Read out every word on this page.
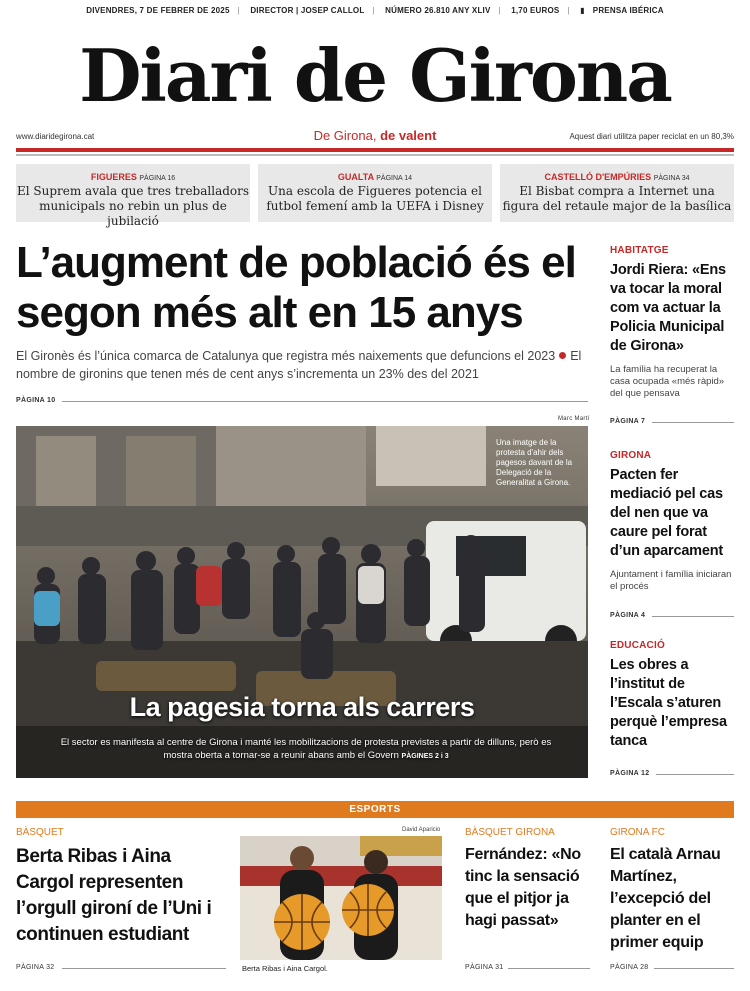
DIVENDRES, 7 DE FEBRER DE 2025 | DIRECTOR | JOSEP CALLOL | NÚMERO 26.810 ANY XLIV | 1,70 EUROS | ▮ PRENSA IBÉRICA
Diari de Girona
www.diaridegirona.cat	De Girona, de valent	Aquest diari utilitza paper reciclat en un 80,3%
FIGUERES PÀGINA 16
El Suprem avala que tres treballadors municipals no rebin un plus de jubilació
GUALTA PÀGINA 14
Una escola de Figueres potencia el futbol femení amb la UEFA i Disney
CASTELLÓ D'EMPÚRIES PÀGINA 34
El Bisbat compra a Internet una figura del retaule major de la basílica
L’augment de població és el segon més alt en 15 anys
El Gironès és l’única comarca de Catalunya que registra més naixements que defuncions el 2023 El nombre de gironins que tenen més de cent anys s’incrementa un 23% des del 2021
PÀGINA 10
Marc Martí
Una imatge de la protesta d'ahir dels pagesos davant de la Delegació de la Generalitat a Girona.
La pagesia torna als carrers
El sector es manifesta al centre de Girona i manté les mobilitzacions de protesta previstes a partir de dilluns, però es mostra oberta a tornar-se a reunir abans amb el Govern PÀGINES 2 i 3
HABITATGE
Jordi Riera: «Ens va tocar la moral com va actuar la Policia Municipal de Girona»
La família ha recuperat la casa ocupada «més ràpid» del que pensava
PÀGINA 7
GIRONA
Pacten fer mediació pel cas del nen que va caure pel forat d’un aparcament
Ajuntament i família iniciaran el procés
PÀGINA 4
EDUCACIÓ
Les obres a l’institut de l’Escala s’aturen perquè l’empresa tanca
PÀGINA 12
ESPORTS
BÀSQUET
Berta Ribas i Aina Cargol representen l’orgull gironí de l’Uni i continuen estudiant
PÀGINA 32
David Aparicio
Berta Ribas i Aina Cargol.
BÀSQUET GIRONA
Fernández: «No tinc la sensació que el pitjor ja hagi passat»
PÀGINA 31
GIRONA FC
El català Arnau Martínez, l’excepció del planter en el primer equip
PÀGINA 28
